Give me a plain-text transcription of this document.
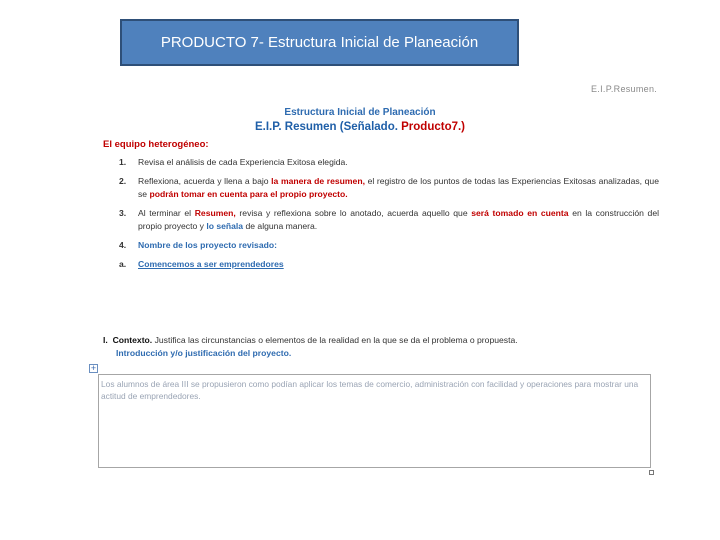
PRODUCTO 7- Estructura Inicial de Planeación
E.I.P.Resumen.
Estructura Inicial de Planeación
E.I.P. Resumen (Señalado. Producto7.)
El equipo heterogéneo:
1.	Revisa el análisis de cada Experiencia Exitosa elegida.
2.	Reflexiona, acuerda y llena a bajo la manera de resumen, el registro de los puntos de todas las Experiencias Exitosas analizadas, que se podrán tomar en cuenta para el propio proyecto.
3.	Al terminar el Resumen, revisa y reflexiona sobre lo anotado, acuerda aquello que será tomado en cuenta en la construcción del propio proyecto y lo señala de alguna manera.
4.	Nombre de los proyecto revisado:
a.	Comencemos a ser emprendedores
I. Contexto. Justifica las circunstancias o elementos de la realidad en la que se da el problema o propuesta.
Introducción y/o justificación del proyecto.
+
Los alumnos de área III se propusieron como podían aplicar los temas de comercio, administración con facilidad y operaciones para mostrar una actitud de emprendedores.
